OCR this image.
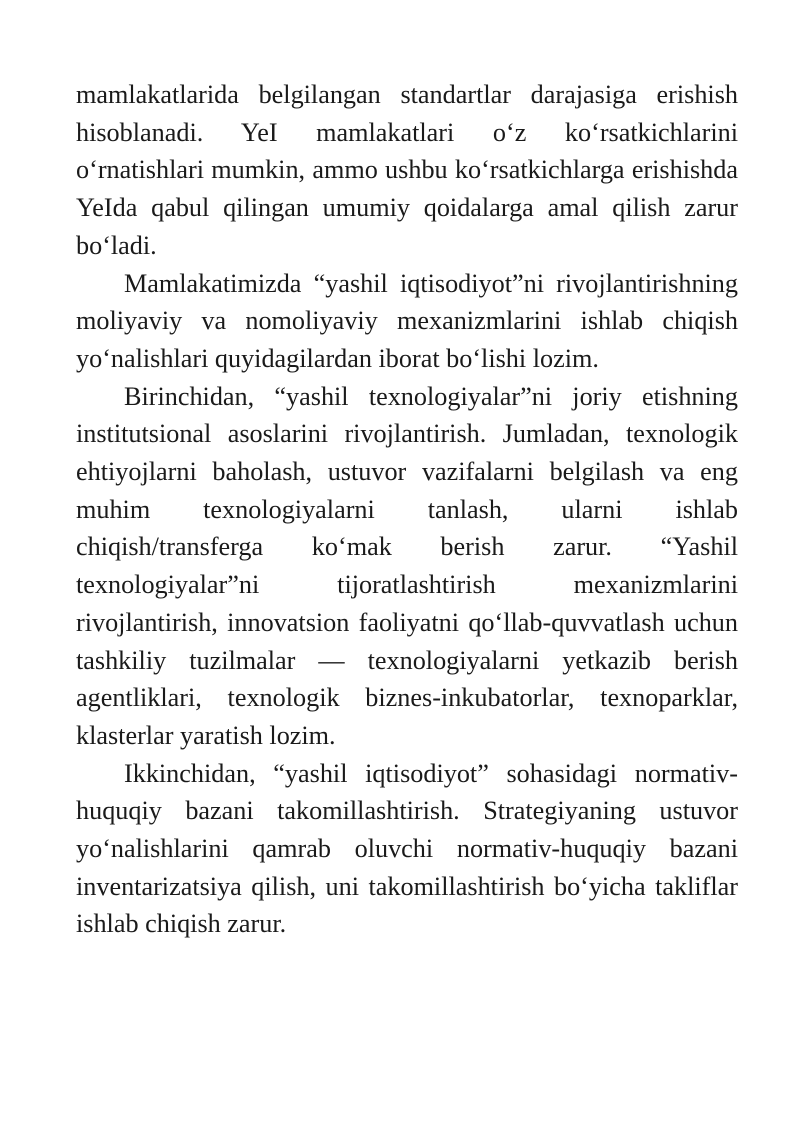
mamlakatlarida belgilangan standartlar darajasiga erishish hisoblanadi. YeI mamlakatlari o‘z ko‘rsatkichlarini o‘rnatishlari mumkin, ammo ushbu ko‘rsatkichlarga erishishda YeIda qabul qilingan umumiy qoidalarga amal qilish zarur bo‘ladi.

Mamlakatimizda “yashil iqtisodiyot”ni rivojlantirishning moliyaviy va nomoliyaviy mexanizmlarini ishlab chiqish yo‘nalishlari quyidagilardan iborat bo‘lishi lozim.

Birinchidan, “yashil texnologiyalar”ni joriy etishning institutsional asoslarini rivojlantirish. Jumladan, texnologik ehtiyojlarni baholash, ustuvor vazifalarni belgilash va eng muhim texnologiyalarni tanlash, ularni ishlab chiqish/transferga ko‘mak berish zarur. “Yashil texnologiyalar”ni tijoratlashtirish mexanizmlarini rivojlantirish, innovatsion faoliyatni qo‘llab-quvvatlash uchun tashkiliy tuzilmalar — texnologiyalarni yetkazib berish agentliklari, texnologik biznes-inkubatorlar, texnoparklar, klasterlar yaratish lozim.

Ikkinchidan, “yashil iqtisodiyot” sohasidagi normativ-huquqiy bazani takomillashtirish. Strategiyaning ustuvor yo‘nalishlarini qamrab oluvchi normativ-huquqiy bazani inventarizatsiya qilish, uni takomillashtirish bo‘yicha takliflar ishlab chiqish zarur.
